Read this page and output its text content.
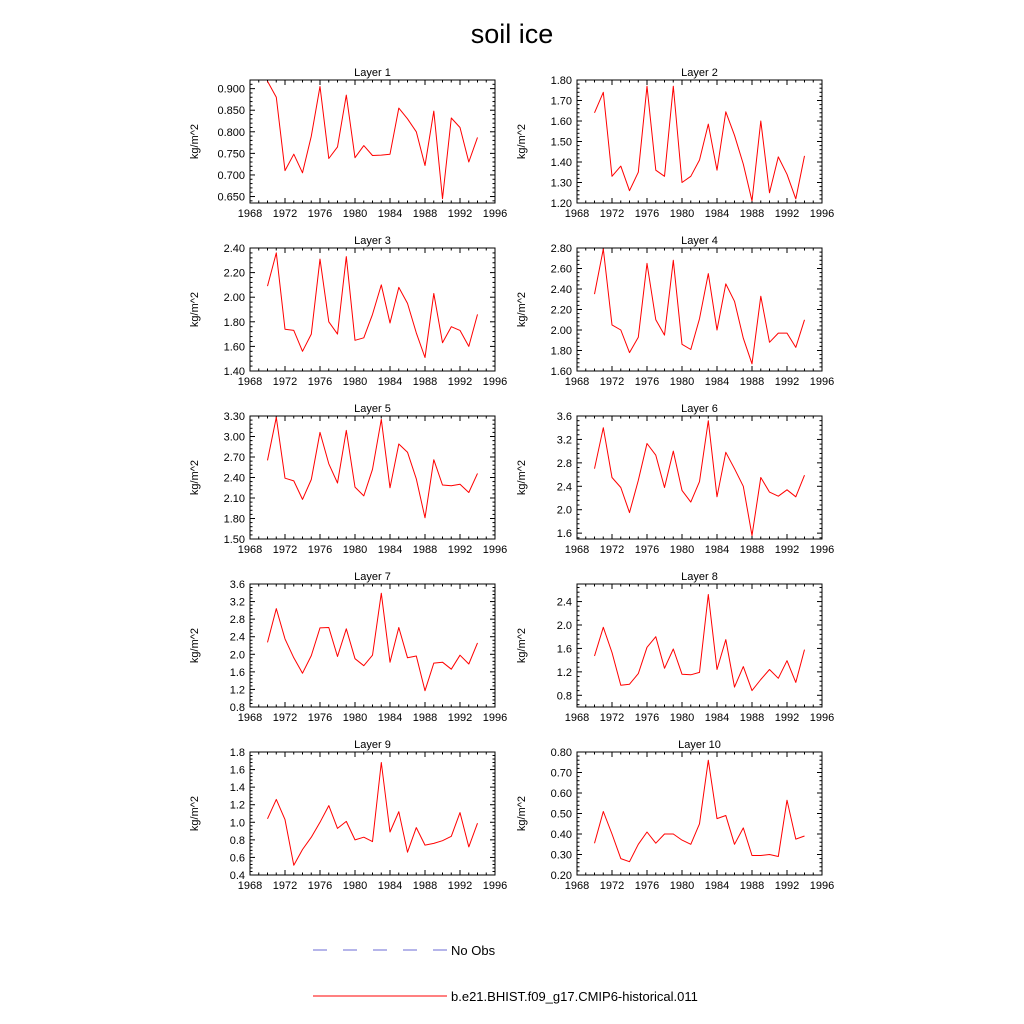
soil ice
Layer 1
kg/m^2
1968 1972 1976 1980 1984 1988 1992 1996
0.650
0.700
0.750
0.800
0.850
0.900
Layer 2
kg/m^2
1968 1972 1976 1980 1984 1988 1992 1996
1.20
1.30
1.40
1.50
1.60
1.70
1.80
Layer 3
kg/m^2
1968 1972 1976 1980 1984 1988 1992 1996
1.40
1.60
1.80
2.00
2.20
2.40
Layer 4
kg/m^2
1968 1972 1976 1980 1984 1988 1992 1996
1.60
1.80
2.00
2.20
2.40
2.60
2.80
Layer 5
kg/m^2
1968 1972 1976 1980 1984 1988 1992 1996
1.50
1.80
2.10
2.40
2.70
3.00
3.30
Layer 6
kg/m^2
1968 1972 1976 1980 1984 1988 1992 1996
1.6
2.0
2.4
2.8
3.2
3.6
Layer 7
kg/m^2
1968 1972 1976 1980 1984 1988 1992 1996
0.8
1.2
1.6
2.0
2.4
2.8
3.2
3.6
Layer 8
kg/m^2
1968 1972 1976 1980 1984 1988 1992 1996
0.8
1.2
1.6
2.0
2.4
Layer 9
kg/m^2
1968 1972 1976 1980 1984 1988 1992 1996
0.4
0.6
0.8
1.0
1.2
1.4
1.6
1.8
Layer 10
kg/m^2
1968 1972 1976 1980 1984 1988 1992 1996
0.20
0.30
0.40
0.50
0.60
0.70
0.80
No Obs
b.e21.BHIST.f09_g17.CMIP6-historical.011
